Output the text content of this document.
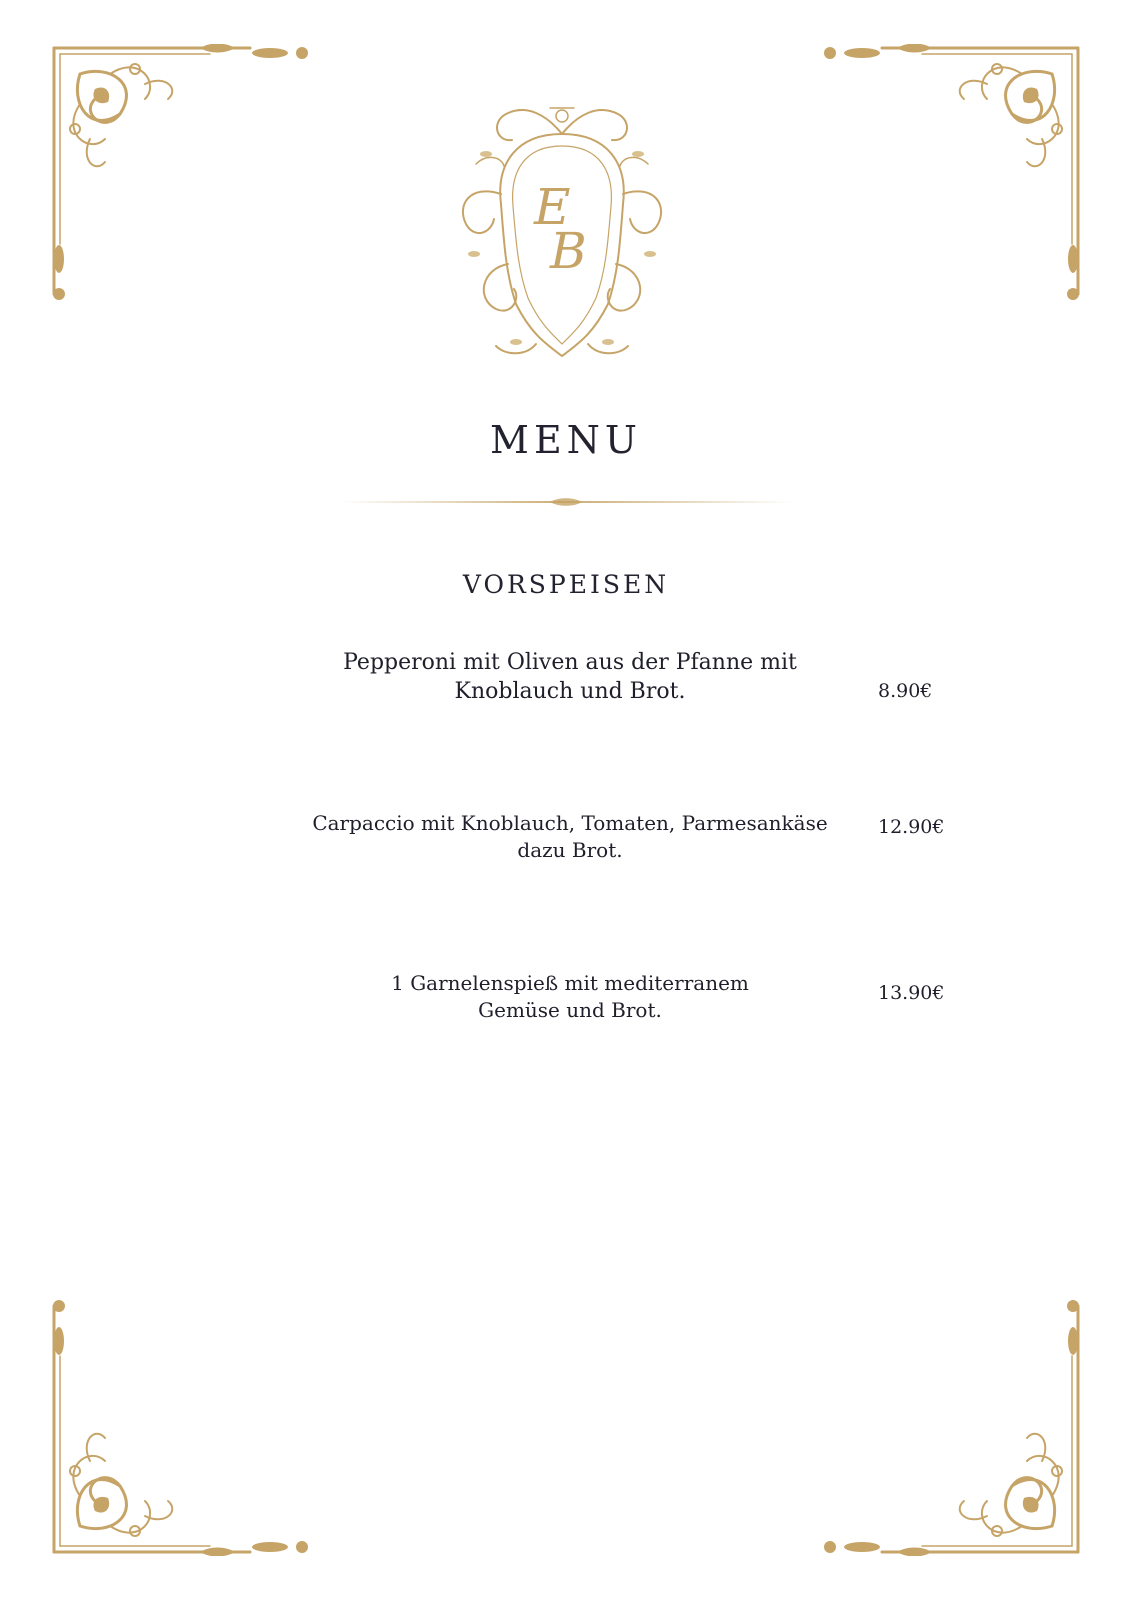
E
B
MENU
VORSPEISEN
Pepperoni mit Oliven aus der Pfanne mit
Knoblauch und Brot.	8.90€
Carpaccio mit Knoblauch, Tomaten, Parmesankäse
dazu Brot.
12.90€
1 Garnelenspieß mit mediterranem
Gemüse und Brot.
13.90€
